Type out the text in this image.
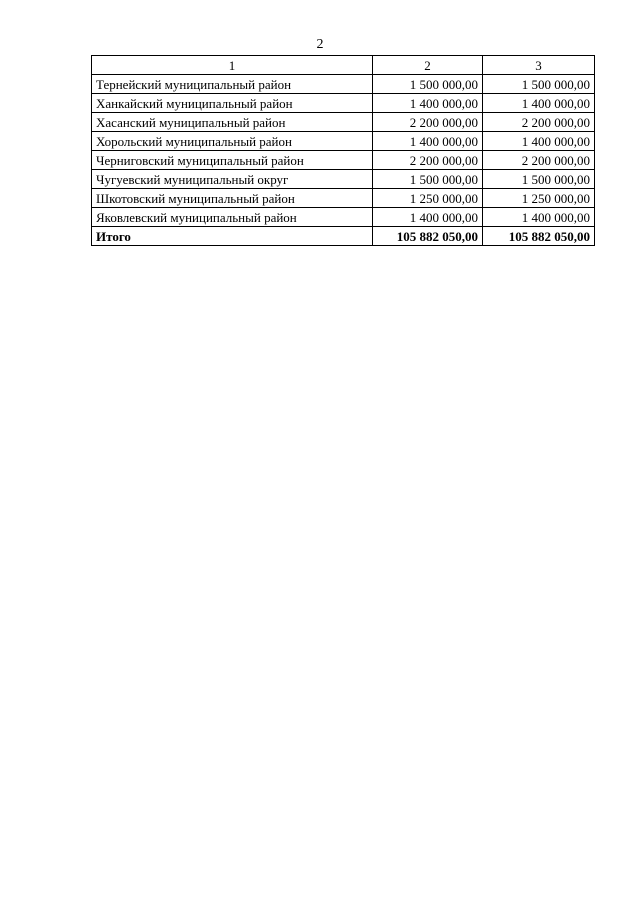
2
1	2	3
Тернейский муниципальный район	1 500 000,00	1 500 000,00
Ханкайский муниципальный район	1 400 000,00	1 400 000,00
Хасанский муниципальный район	2 200 000,00	2 200 000,00
Хорольский муниципальный район	1 400 000,00	1 400 000,00
Черниговский муниципальный район	2 200 000,00	2 200 000,00
Чугуевский муниципальный округ	1 500 000,00	1 500 000,00
Шкотовский муниципальный район	1 250 000,00	1 250 000,00
Яковлевский муниципальный район	1 400 000,00	1 400 000,00
Итого	105 882 050,00	105 882 050,00
